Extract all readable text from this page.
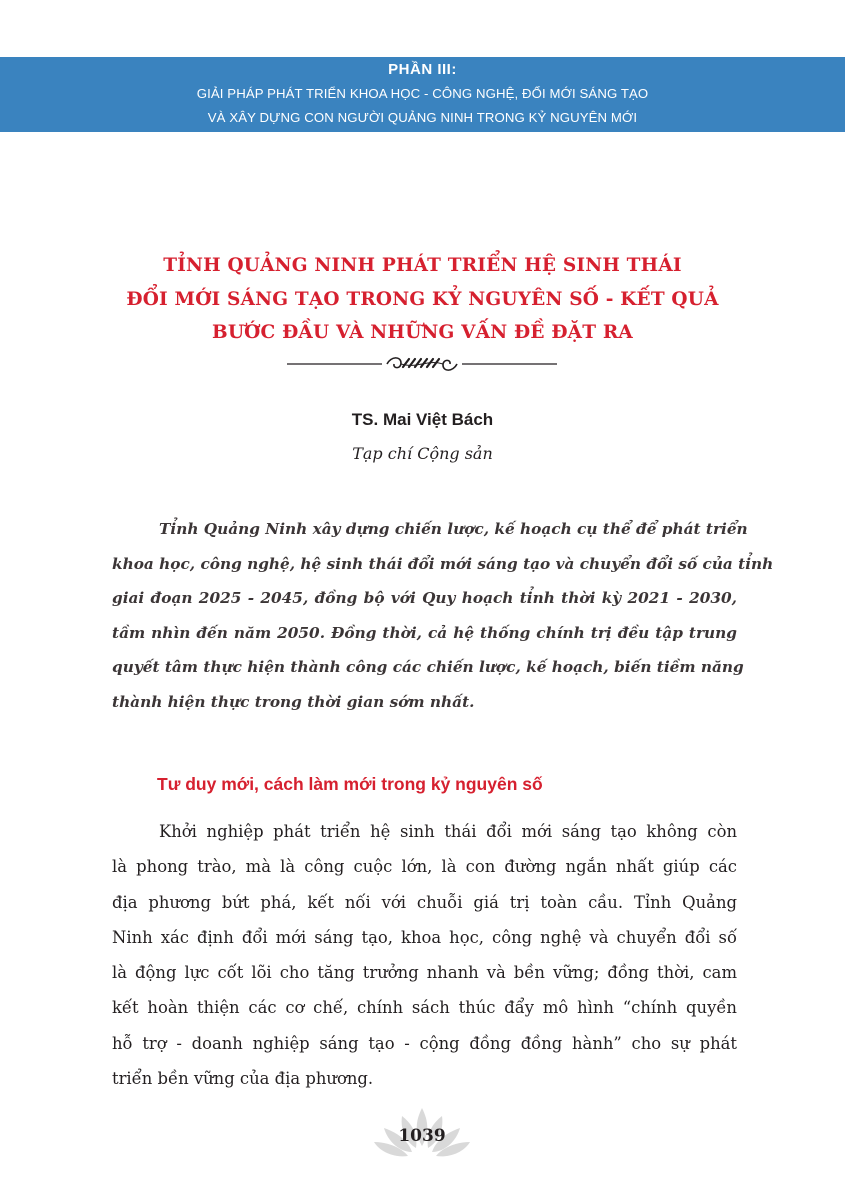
PHẦN III:
GIẢI PHÁP PHÁT TRIỂN KHOA HỌC - CÔNG NGHỆ, ĐỔI MỚI SÁNG TẠO
VÀ XÂY DỰNG CON NGƯỜI QUẢNG NINH TRONG KỶ NGUYÊN MỚI
TỈNH QUẢNG NINH PHÁT TRIỂN HỆ SINH THÁI
ĐỔI MỚI SÁNG TẠO TRONG KỶ NGUYÊN SỐ - KẾT QUẢ
BƯỚC ĐẦU VÀ NHỮNG VẤN ĐỀ ĐẶT RA
TS. Mai Việt Bách
Tạp chí Cộng sản
Tỉnh Quảng Ninh xây dựng chiến lược, kế hoạch cụ thể để phát triển
khoa học, công nghệ, hệ sinh thái đổi mới sáng tạo và chuyển đổi số của tỉnh
giai đoạn 2025 - 2045, đồng bộ với Quy hoạch tỉnh thời kỳ 2021 - 2030,
tầm nhìn đến năm 2050. Đồng thời, cả hệ thống chính trị đều tập trung
quyết tâm thực hiện thành công các chiến lược, kế hoạch, biến tiềm năng
thành hiện thực trong thời gian sớm nhất.
Tư duy mới, cách làm mới trong kỷ nguyên số
Khởi nghiệp phát triển hệ sinh thái đổi mới sáng tạo không còn
là phong trào, mà là công cuộc lớn, là con đường ngắn nhất giúp các
địa phương bứt phá, kết nối với chuỗi giá trị toàn cầu. Tỉnh Quảng
Ninh xác định đổi mới sáng tạo, khoa học, công nghệ và chuyển đổi số
là động lực cốt lõi cho tăng trưởng nhanh và bền vững; đồng thời, cam
kết hoàn thiện các cơ chế, chính sách thúc đẩy mô hình “chính quyền
hỗ trợ - doanh nghiệp sáng tạo - cộng đồng đồng hành” cho sự phát
triển bền vững của địa phương.
1039
